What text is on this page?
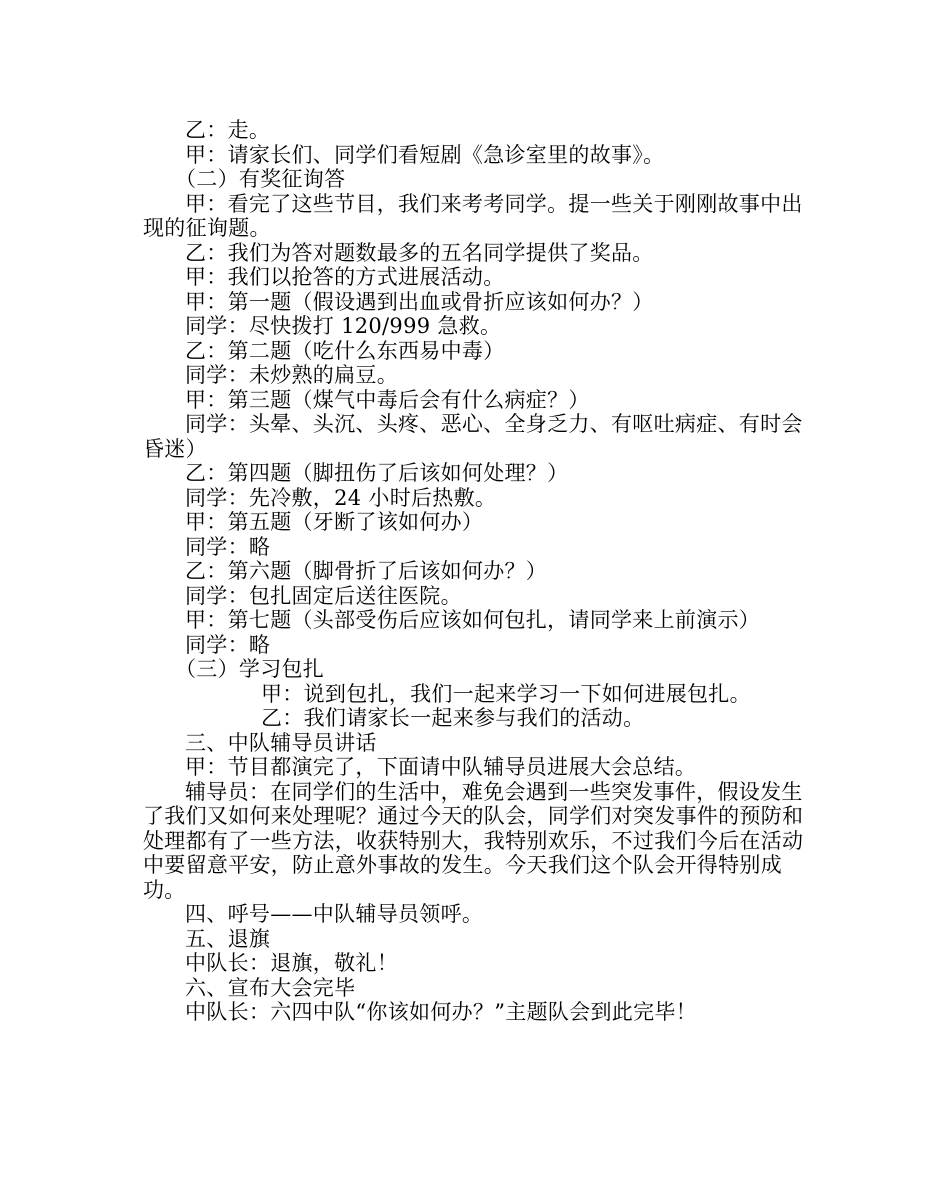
乙：走。

甲：请家长们、同学们看短剧《急诊室里的故事》。

（二）有奖征询答

甲：看完了这些节目，我们来考考同学。提一些关于刚刚故事中出现的征询题。

乙：我们为答对题数最多的五名同学提供了奖品。

甲：我们以抢答的方式进展活动。

甲：第一题（假设遇到出血或骨折应该如何办？）

同学：尽快拨打 120/999 急救。

乙：第二题（吃什么东西易中毒）

同学：未炒熟的扁豆。

甲：第三题（煤气中毒后会有什么病症？）

同学：头晕、头沉、头疼、恶心、全身乏力、有呕吐病症、有时会昏迷）

乙：第四题（脚扭伤了后该如何处理？）

同学：先冷敷，24 小时后热敷。

甲：第五题（牙断了该如何办）

同学：略

乙：第六题（脚骨折了后该如何办？）

同学：包扎固定后送往医院。

甲：第七题（头部受伤后应该如何包扎，请同学来上前演示）

同学：略

（三）学习包扎

甲：说到包扎，我们一起来学习一下如何进展包扎。

乙：我们请家长一起来参与我们的活动。

三、中队辅导员讲话

甲：节目都演完了，下面请中队辅导员进展大会总结。

辅导员：在同学们的生活中，难免会遇到一些突发事件，假设发生了我们又如何来处理呢？通过今天的队会，同学们对突发事件的预防和处理都有了一些方法，收获特别大，我特别欢乐，不过我们今后在活动中要留意平安，防止意外事故的发生。今天我们这个队会开得特别成功。

四、呼号——中队辅导员领呼。

五、退旗

中队长：退旗，敬礼！

六、宣布大会完毕

中队长：六四中队“你该如何办？”主题队会到此完毕！
